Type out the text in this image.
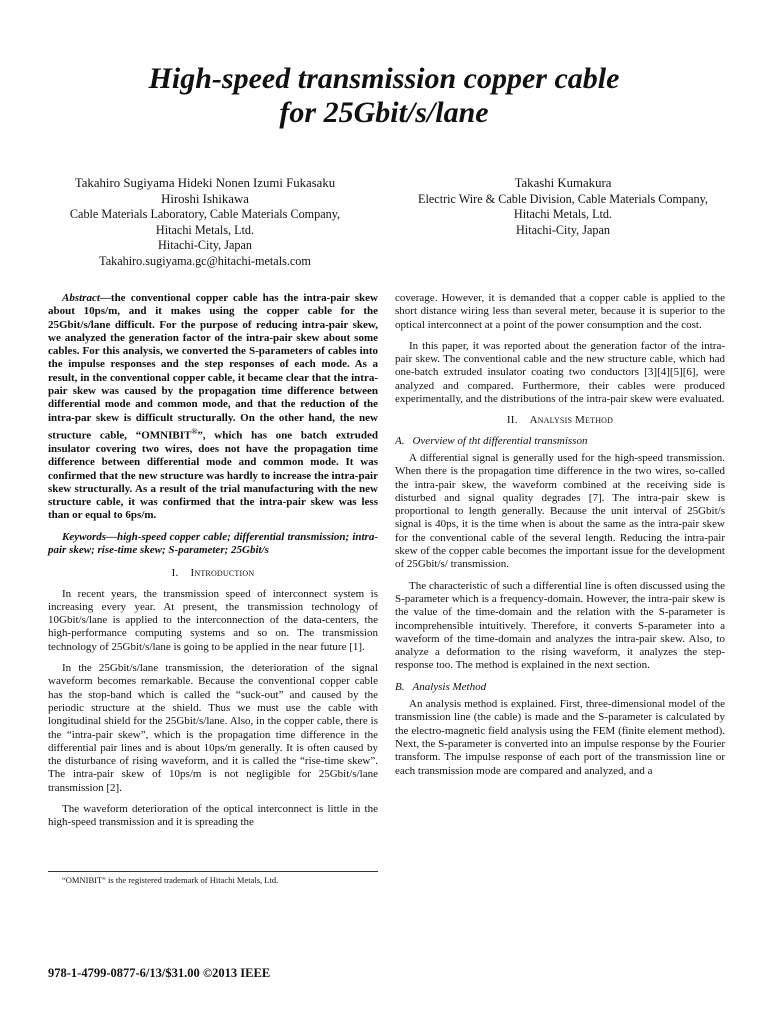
High-speed transmission copper cable
for 25Gbit/s/lane
Takahiro Sugiyama Hideki Nonen Izumi Fukasaku
Hiroshi Ishikawa
Cable Materials Laboratory, Cable Materials Company,
Hitachi Metals, Ltd.
Hitachi-City, Japan
Takahiro.sugiyama.gc@hitachi-metals.com
Takashi Kumakura
Electric Wire & Cable Division, Cable Materials Company,
Hitachi Metals, Ltd.
Hitachi-City, Japan
Abstract—the conventional copper cable has the intra-pair skew about 10ps/m, and it makes using the copper cable for the 25Gbit/s/lane difficult. For the purpose of reducing intra-pair skew, we analyzed the generation factor of the intra-pair skew about some cables. For this analysis, we converted the S-parameters of cables into the impulse responses and the step responses of each mode. As a result, in the conventional copper cable, it became clear that the intra-pair skew was caused by the propagation time difference between differential mode and common mode, and that the reduction of the intra-par skew is difficult structurally. On the other hand, the new structure cable, “OMNIBIT®”, which has one batch extruded insulator covering two wires, does not have the propagation time difference between differential mode and common mode. It was confirmed that the new structure was hardly to increase the intra-pair skew structurally. As a result of the trial manufacturing with the new structure cable, it was confirmed that the intra-pair skew was less than or equal to 6ps/m.
Keywords—high-speed copper cable; differential transmission; intra-pair skew; rise-time skew; S-parameter; 25Gbit/s
I. Introduction

In recent years, the transmission speed of interconnect system is increasing every year. At present, the transmission technology of 10Gbit/s/lane is applied to the interconnection of the data-centers, the high-performance computing systems and so on. The transmission technology of 25Gbit/s/lane is going to be applied in the near future [1].

In the 25Gbit/s/lane transmission, the deterioration of the signal waveform becomes remarkable. Because the conventional copper cable has the stop-band which is called the “suck-out” and caused by the periodic structure at the shield. Thus we must use the cable with longitudinal shield for the 25Gbit/s/lane. Also, in the copper cable, there is the “intra-pair skew”, which is the propagation time difference in the differential pair lines and is about 10ps/m generally. It is often caused by the disturbance of rising waveform, and it is called the “rise-time skew”. The intra-pair skew of 10ps/m is not negligible for 25Gbit/s/lane transmission [2].

The waveform deterioration of the optical interconnect is little in the high-speed transmission and it is spreading the

coverage. However, it is demanded that a copper cable is applied to the short distance wiring less than several meter, because it is superior to the optical interconnect at a point of the power consumption and the cost.

In this paper, it was reported about the generation factor of the intra-pair skew. The conventional cable and the new structure cable, which had one-batch extruded insulator coating two conductors [3][4][5][6], were analyzed and compared. Furthermore, their cables were produced experimentally, and the distributions of the intra-pair skew were evaluated.

II. Analysis Method
A. Overview of tht differential transmisson

A differential signal is generally used for the high-speed transmission. When there is the propagation time difference in the two wires, so-called the intra-pair skew, the waveform combined at the receiving side is disturbed and signal quality degrades [7]. The intra-pair skew is proportional to length generally. Because the unit interval of 25Gbit/s signal is 40ps, it is the time when is about the same as the intra-pair skew for the conventional cable of the several length. Reducing the intra-pair skew of the copper cable becomes the important issue for the development of 25Gbit/s/ transmission.

The characteristic of such a differential line is often discussed using the S-parameter which is a frequency-domain. However, the intra-pair skew is the value of the time-domain and the relation with the S-parameter is incomprehensible intuitively. Therefore, it converts S-parameter into a waveform of the time-domain and analyzes the intra-pair skew. Also, to analyze a deformation to the rising waveform, it analyzes the step-response too. The method is explained in the next section.

B. Analysis Method

An analysis method is explained. First, three-dimensional model of the transmission line (the cable) is made and the S-parameter is calculated by the electro-magnetic field analysis using the FEM (finite element method). Next, the S-parameter is converted into an impulse response by the Fourier transform. The impulse response of each port of the transmission line or each transmission mode are compared and analyzed, and a

“OMNIBIT” is the registered trademark of Hitachi Metals, Ltd.
978-1-4799-0877-6/13/$31.00 ©2013 IEEE
